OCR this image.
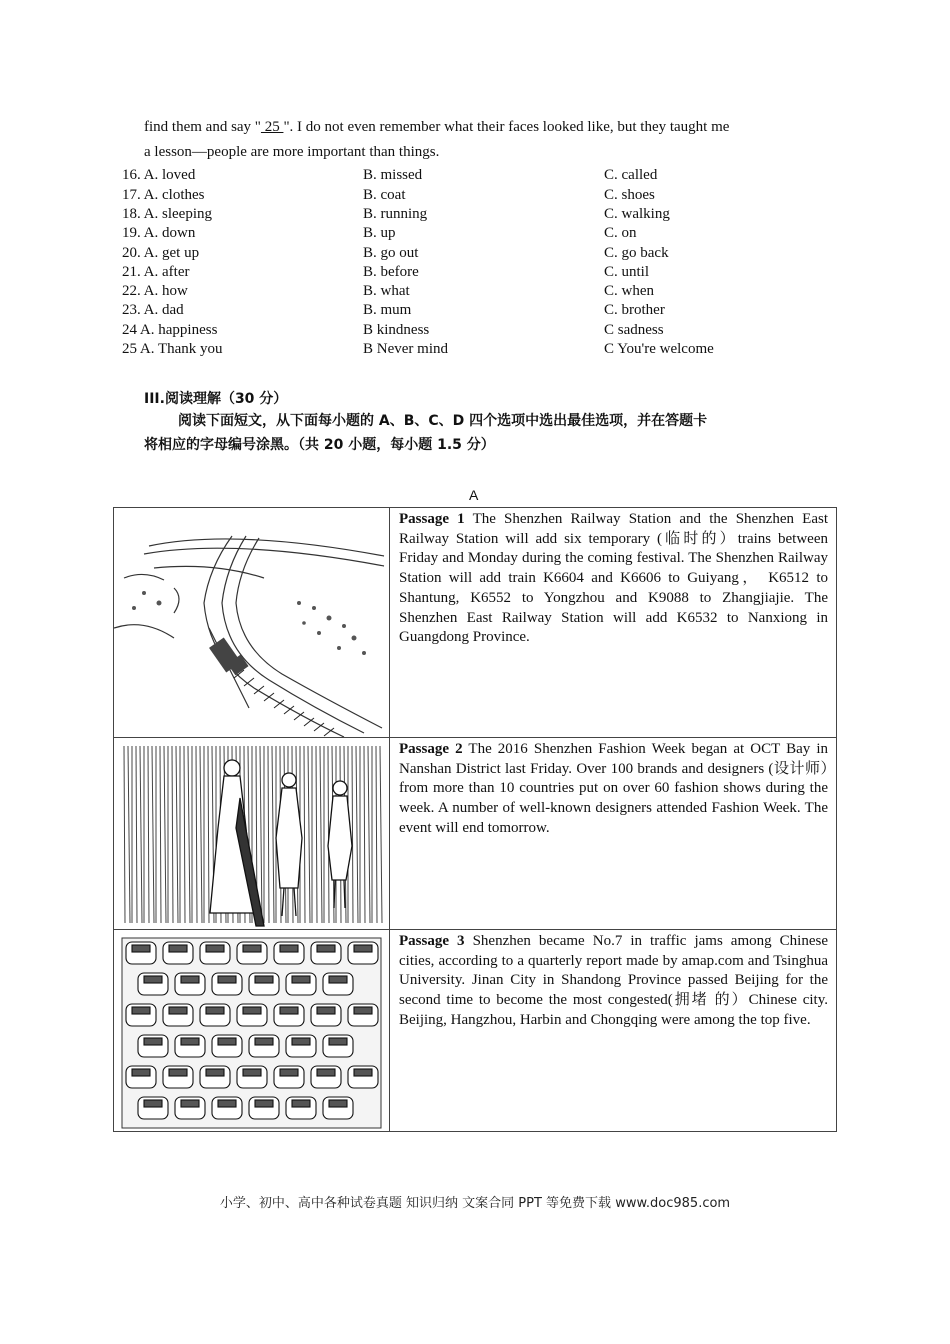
find them and say " 25 ". I do not even remember what their faces looked like, but they taught me
a lesson—people are more important than things.
16. A. loved	B. missed	C. called
17. A. clothes	B. coat	C. shoes
18. A. sleeping	B. running	C. walking
19. A. down	B. up	C. on
20. A. get up	B. go out	C. go back
21. A. after	B. before	C. until
22. A. how	B. what	C. when
23. A. dad	B. mum	C. brother
24 A. happiness	B kindness	C sadness
25 A. Thank you	B Never mind	C You're welcome
III.阅读理解（30 分）
阅读下面短文，从下面每小题的 A、B、C、D 四个选项中选出最佳选项，并在答题卡
将相应的字母编号涂黑。（共 20 小题，每小题 1.5 分）
A
	Passage 1 The Shenzhen Railway Station and the Shenzhen East Railway Station will add six temporary (临时的）trains between Friday and Monday during the coming festival. The Shenzhen Railway Station will add train K6604 and K6606 to Guiyang， K6512 to Shantung, K6552 to Yongzhou and K9088 to Zhangjiajie. The Shenzhen East Railway Station will add K6532 to Nanxiong in Guangdong Province.

	Passage 2 The 2016 Shenzhen Fashion Week began at OCT Bay in Nanshan District last Friday. Over 100 brands and designers (设计师）from more than 10 countries put on over 60 fashion shows during the week. A number of well-known designers attended Fashion Week. The event will end tomorrow.

	Passage 3 Shenzhen became No.7 in traffic jams among Chinese cities, according to a quarterly report made by amap.com and Tsinghua University. Jinan City in Shandong Province passed Beijing for the second time to become the most congested(拥堵 的）Chinese city. Beijing, Hangzhou, Harbin and Chongqing were among the top five.
小学、初中、高中各种试卷真题 知识归纳 文案合同 PPT 等免费下载 www.doc985.com
